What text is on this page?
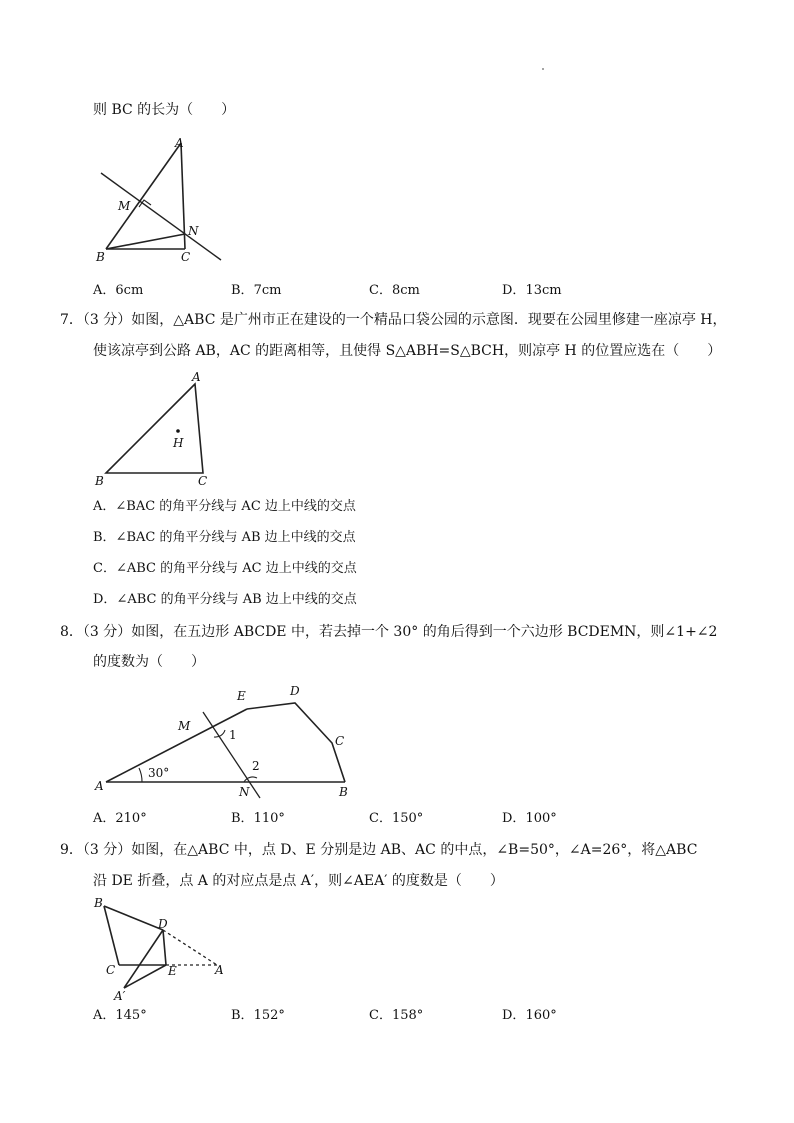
则 BC 的长为（　　）
A
M
N
B	C
A．6cm	B．7cm	C．8cm	D．13cm
7．（3 分）如图，△ABC 是广州市正在建设的一个精品口袋公园的示意图．现要在公园里修建一座凉亭 H，
使该凉亭到公路 AB，AC 的距离相等，且使得 S△ABH=S△BCH，则凉亭 H 的位置应选在（　　）
A
H
B	C
A．∠BAC 的角平分线与 AC 边上中线的交点
B．∠BAC 的角平分线与 AB 边上中线的交点
C．∠ABC 的角平分线与 AC 边上中线的交点
D．∠ABC 的角平分线与 AB 边上中线的交点
8．（3 分）如图，在五边形 ABCDE 中，若去掉一个 30° 的角后得到一个六边形 BCDEMN，则∠1+∠2
的度数为（　　）
A	B
C
D
E
M
N
1
2
30°
A．210°	B．110°	C．150°	D．100°
9．（3 分）如图，在△ABC 中，点 D、E 分别是边 AB、AC 的中点，∠B=50°，∠A=26°，将△ABC
沿 DE 折叠，点 A 的对应点是点 A′，则∠AEA′ 的度数是（　　）
B
D
C	E	A
A′
A．145°	B．152°	C．158°	D．160°
